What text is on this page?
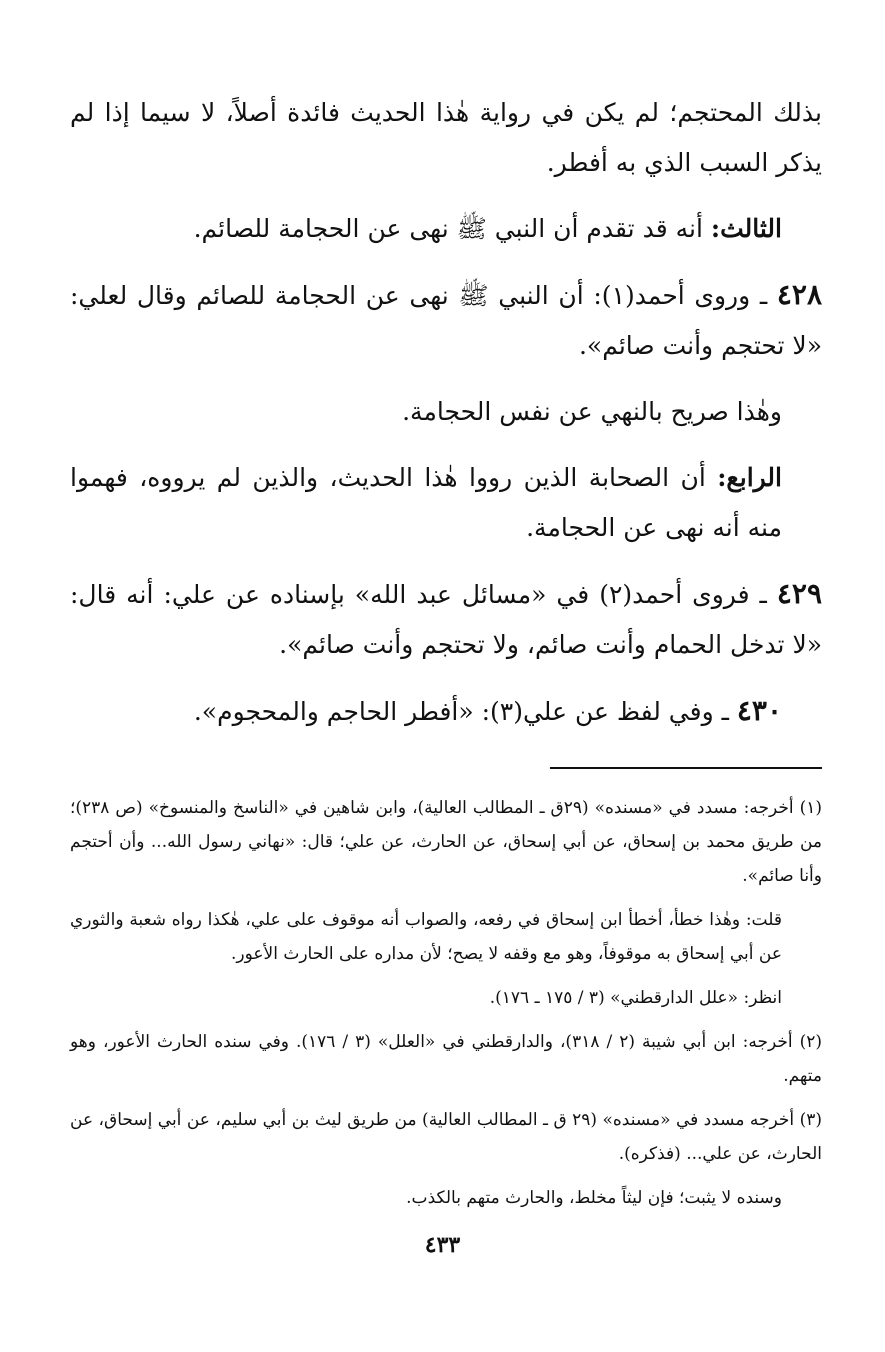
بذلك المحتجم؛ لم يكن في رواية هٰذا الحديث فائدة أصلاً، لا سيما إذا لم يذكر السبب الذي به أفطر.

الثالث: أنه قد تقدم أن النبي ﷺ نهى عن الحجامة للصائم.

٤٢٨ ـ وروى أحمد(١): أن النبي ﷺ نهى عن الحجامة للصائم وقال لعلي: «لا تحتجم وأنت صائم».

وهٰذا صريح بالنهي عن نفس الحجامة.

الرابع: أن الصحابة الذين رووا هٰذا الحديث، والذين لم يرووه، فهموا منه أنه نهى عن الحجامة.

٤٢٩ ـ فروى أحمد(٢) في «مسائل عبد الله» بإسناده عن علي: أنه قال: «لا تدخل الحمام وأنت صائم، ولا تحتجم وأنت صائم».

٤٣٠ ـ وفي لفظ عن علي(٣): «أفطر الحاجم والمحجوم».

(١) أخرجه: مسدد في «مسنده» (٢٩ق ـ المطالب العالية)، وابن شاهين في «الناسخ والمنسوخ» (ص ٢٣٨)؛ من طريق محمد بن إسحاق، عن أبي إسحاق، عن الحارث، عن علي؛ قال: «نهاني رسول الله... وأن أحتجم وأنا صائم».

قلت: وهٰذا خطأ، أخطأ ابن إسحاق في رفعه، والصواب أنه موقوف على علي، هٰكذا رواه شعبة والثوري عن أبي إسحاق به موقوفاً، وهو مع وقفه لا يصح؛ لأن مداره على الحارث الأعور.

انظر: «علل الدارقطني» (٣ / ١٧٥ ـ ١٧٦).

(٢) أخرجه: ابن أبي شيبة (٢ / ٣١٨)، والدارقطني في «العلل» (٣ / ١٧٦). وفي سنده الحارث الأعور، وهو متهم.

(٣) أخرجه مسدد في «مسنده» (٢٩ ق ـ المطالب العالية) من طريق ليث بن أبي سليم، عن أبي إسحاق، عن الحارث، عن علي... (فذكره).

وسنده لا يثبت؛ فإن ليثاً مخلط، والحارث متهم بالكذب.

٤٣٣
